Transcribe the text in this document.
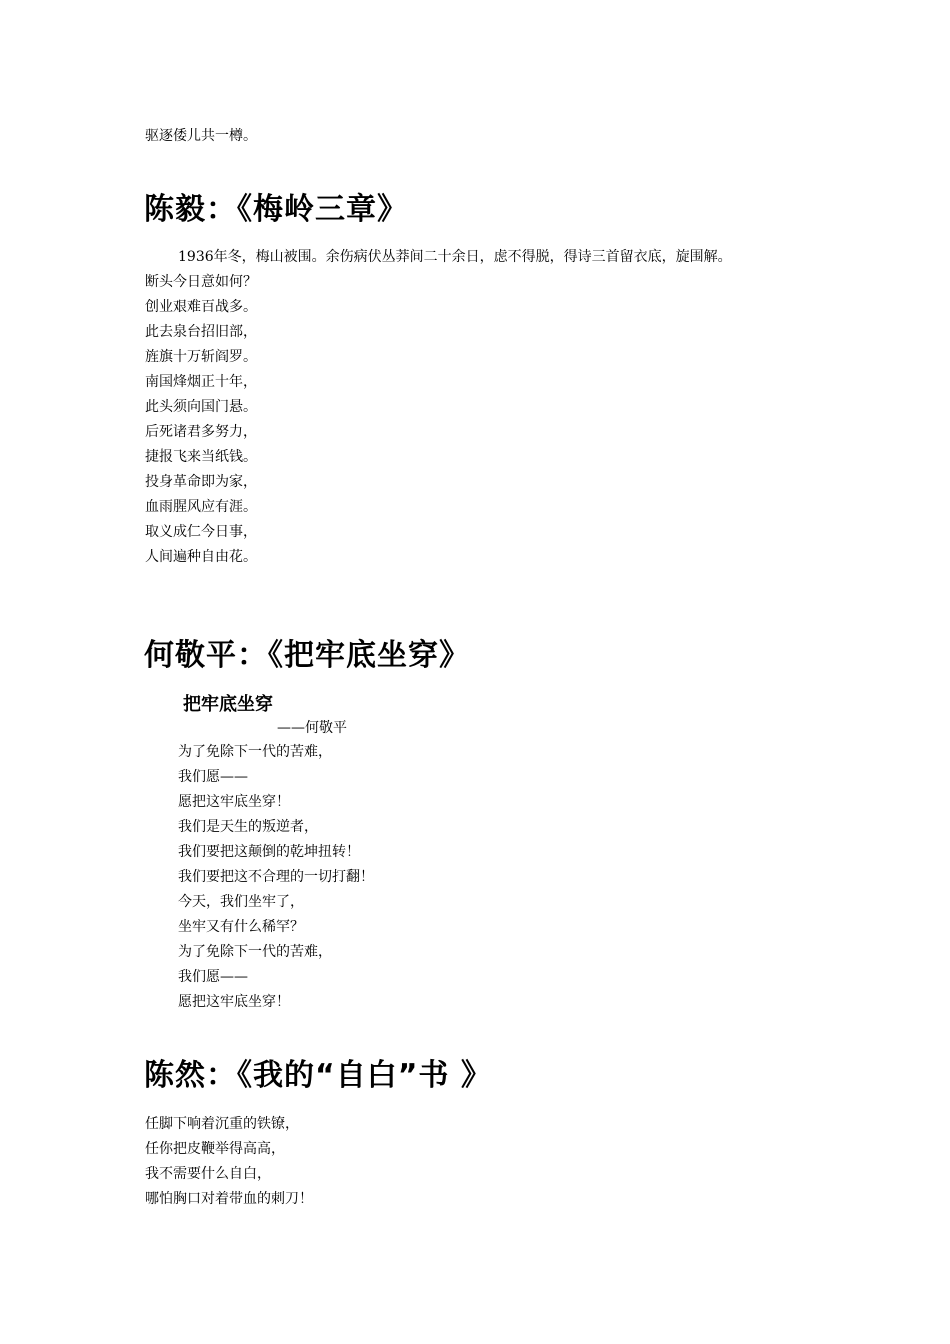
驱逐倭儿共一樽。
陈毅：《梅岭三章》
1936年冬，梅山被围。余伤病伏丛莽间二十余日，虑不得脱，得诗三首留衣底，旋围解。
断头今日意如何？
创业艰难百战多。
此去泉台招旧部，
旌旗十万斩阎罗。
南国烽烟正十年，
此头须向国门悬。
后死诸君多努力，
捷报飞来当纸钱。
投身革命即为家，
血雨腥风应有涯。
取义成仁今日事，
人间遍种自由花。
何敬平：《把牢底坐穿》
把牢底坐穿
——何敬平
为了免除下一代的苦难，
我们愿——
愿把这牢底坐穿！
我们是天生的叛逆者，
我们要把这颠倒的乾坤扭转！
我们要把这不合理的一切打翻！
今天，我们坐牢了，
坐牢又有什么稀罕？
为了免除下一代的苦难，
我们愿——
愿把这牢底坐穿！
陈然：《我的“自白”书 》
任脚下响着沉重的铁镣，
任你把皮鞭举得高高，
我不需要什么自白，
哪怕胸口对着带血的刺刀！
